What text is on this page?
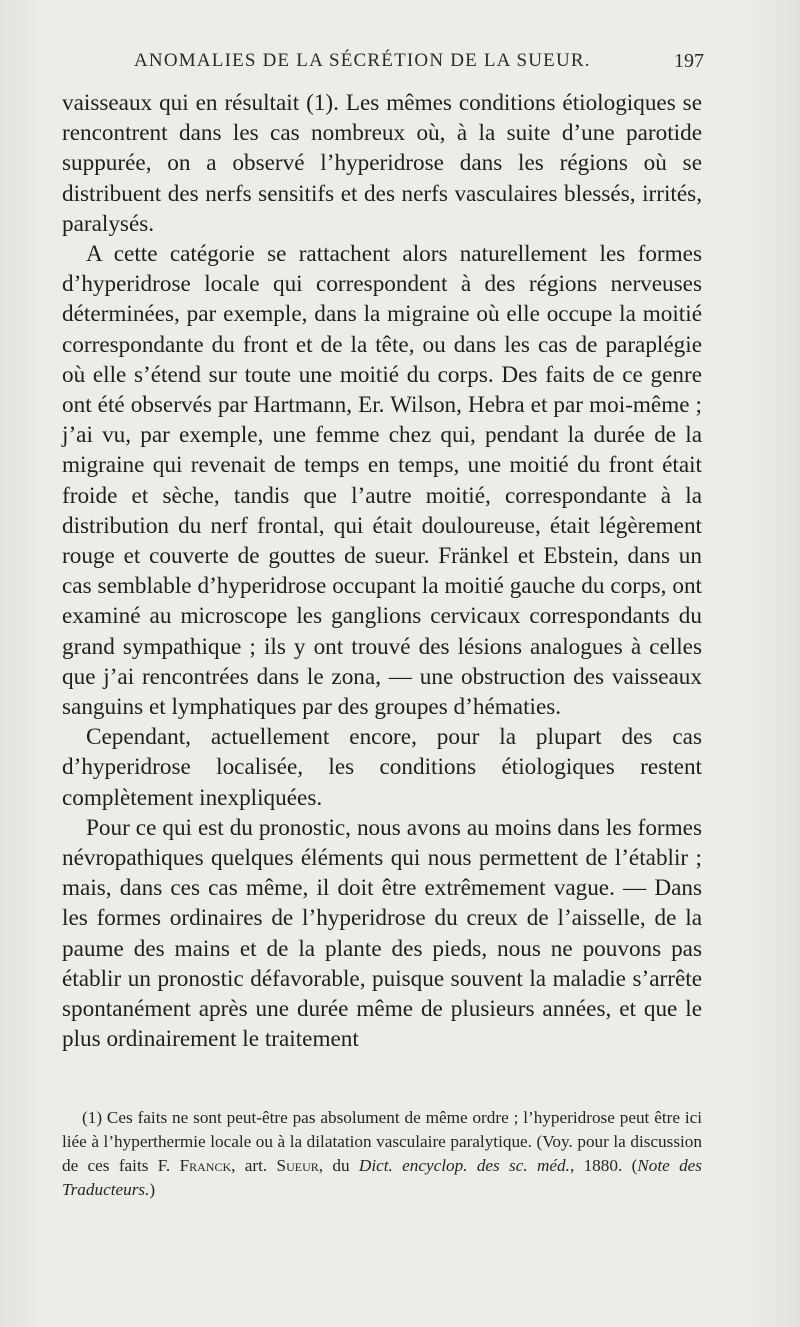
ANOMALIES DE LA SÉCRÉTION DE LA SUEUR.	197

vaisseaux qui en résultait (1). Les mêmes conditions étiologiques se rencontrent dans les cas nombreux où, à la suite d’une parotide suppurée, on a observé l’hyperidrose dans les régions où se distribuent des nerfs sensitifs et des nerfs vasculaires blessés, irrités, paralysés.

A cette catégorie se rattachent alors naturellement les formes d’hyperidrose locale qui correspondent à des régions nerveuses déterminées, par exemple, dans la migraine où elle occupe la moitié correspondante du front et de la tête, ou dans les cas de paraplégie où elle s’étend sur toute une moitié du corps. Des faits de ce genre ont été observés par Hartmann, Er. Wilson, Hebra et par moi-même ; j’ai vu, par exemple, une femme chez qui, pendant la durée de la migraine qui revenait de temps en temps, une moitié du front était froide et sèche, tandis que l’autre moitié, correspondante à la distribution du nerf frontal, qui était douloureuse, était légèrement rouge et couverte de gouttes de sueur. Fränkel et Ebstein, dans un cas semblable d’hyperidrose occupant la moitié gauche du corps, ont examiné au microscope les ganglions cervicaux correspondants du grand sympathique ; ils y ont trouvé des lésions analogues à celles que j’ai rencontrées dans le zona, — une obstruction des vaisseaux sanguins et lymphatiques par des groupes d’hématies.

Cependant, actuellement encore, pour la plupart des cas d’hyperidrose localisée, les conditions étiologiques restent complètement inexpliquées.

Pour ce qui est du pronostic, nous avons au moins dans les formes névropathiques quelques éléments qui nous permettent de l’établir ; mais, dans ces cas même, il doit être extrêmement vague. — Dans les formes ordinaires de l’hyperidrose du creux de l’aisselle, de la paume des mains et de la plante des pieds, nous ne pouvons pas établir un pronostic défavorable, puisque souvent la maladie s’arrête spontanément après une durée même de plusieurs années, et que le plus ordinairement le traitement

(1) Ces faits ne sont peut-être pas absolument de même ordre ; l’hyperidrose peut être ici liée à l’hyperthermie locale ou à la dilatation vasculaire paralytique. (Voy. pour la discussion de ces faits F. Franck, art. Sueur, du Dict. encyclop. des sc. méd., 1880. (Note des Traducteurs.)
